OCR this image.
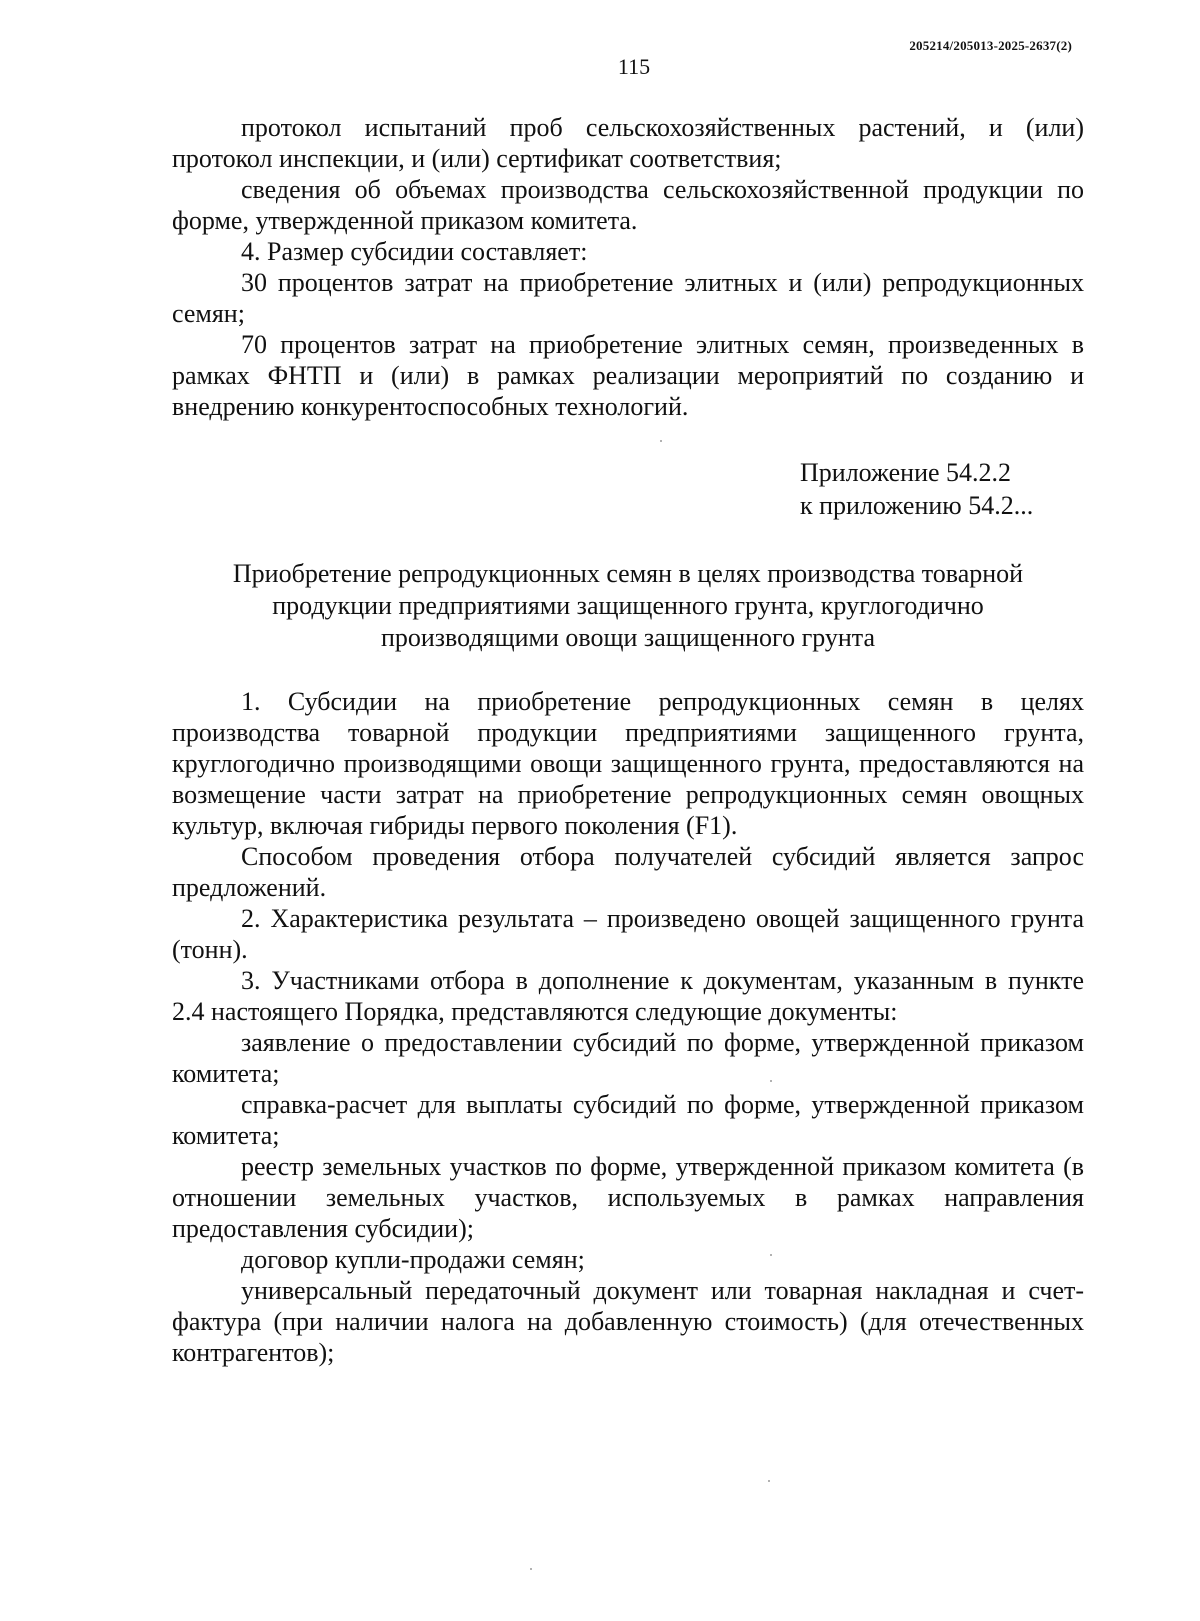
205214/205013-2025-2637(2)
115

протокол испытаний проб сельскохозяйственных растений, и (или) протокол инспекции, и (или) сертификат соответствия;

сведения об объемах производства сельскохозяйственной продукции по форме, утвержденной приказом комитета.

4. Размер субсидии составляет:

30 процентов затрат на приобретение элитных и (или) репродукционных семян;

70 процентов затрат на приобретение элитных семян, произведенных в рамках ФНТП и (или) в рамках реализации мероприятий по созданию и внедрению конкурентоспособных технологий.

Приложение 54.2.2
к приложению 54.2...
Приобретение репродукционных семян в целях производства товарной
продукции предприятиями защищенного грунта, круглогодично
производящими овощи защищенного грунта

1. Субсидии на приобретение репродукционных семян в целях производства товарной продукции предприятиями защищенного грунта, круглогодично производящими овощи защищенного грунта, предоставляются на возмещение части затрат на приобретение репродукционных семян овощных культур, включая гибриды первого поколения (F1).

Способом проведения отбора получателей субсидий является запрос предложений.

2. Характеристика результата – произведено овощей защищенного грунта (тонн).

3. Участниками отбора в дополнение к документам, указанным в пункте 2.4 настоящего Порядка, представляются следующие документы:

заявление о предоставлении субсидий по форме, утвержденной приказом комитета;

справка-расчет для выплаты субсидий по форме, утвержденной приказом комитета;

реестр земельных участков по форме, утвержденной приказом комитета (в отношении земельных участков, используемых в рамках направления предоставления субсидии);

договор купли-продажи семян;

универсальный передаточный документ или товарная накладная и счет-фактура (при наличии налога на добавленную стоимость) (для отечественных контрагентов);
